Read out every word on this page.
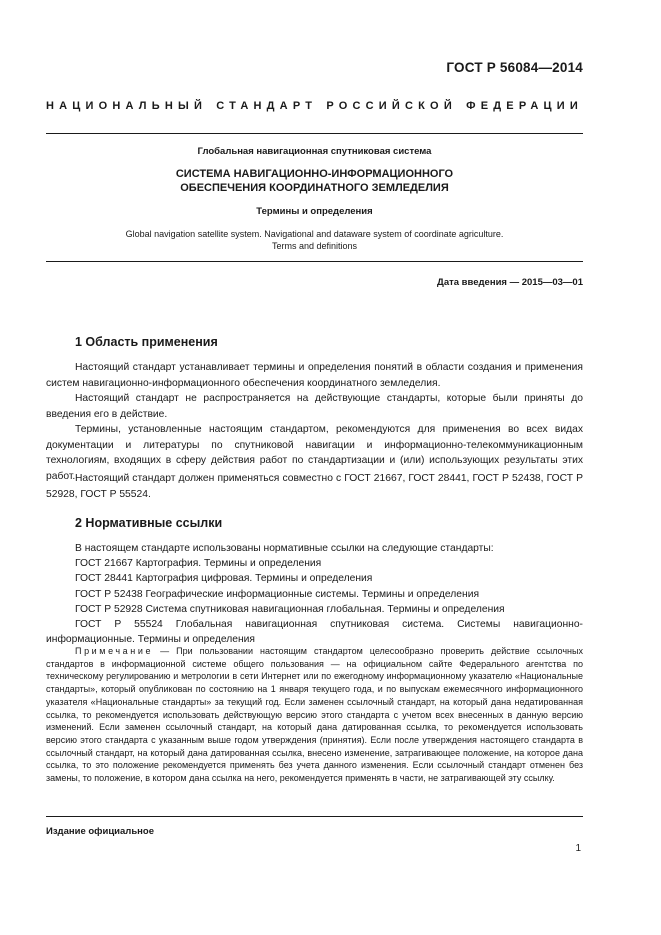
ГОСТ Р 56084—2014
НАЦИОНАЛЬНЫЙ СТАНДАРТ РОССИЙСКОЙ ФЕДЕРАЦИИ
Глобальная навигационная спутниковая система
СИСТЕМА НАВИГАЦИОННО-ИНФОРМАЦИОННОГО
ОБЕСПЕЧЕНИЯ КООРДИНАТНОГО ЗЕМЛЕДЕЛИЯ
Термины и определения
Global navigation satellite system. Navigational and dataware system of coordinate agriculture.
Terms and definitions
Дата введения — 2015—03—01
1 Область применения

Настоящий стандарт устанавливает термины и определения понятий в области создания и применения систем навигационно-информационного обеспечения координатного земледелия.

Настоящий стандарт не распространяется на действующие стандарты, которые были приняты до введения его в действие.

Термины, установленные настоящим стандартом, рекомендуются для применения во всех видах документации и литературы по спутниковой навигации и информационно-телекоммуникационным технологиям, входящих в сферу действия работ по стандартизации и (или) использующих результаты этих работ. Настоящий стандарт должен применяться совместно с ГОСТ 21667, ГОСТ 28441, ГОСТ Р 52438, ГОСТ Р 52928, ГОСТ Р 55524.

2 Нормативные ссылки

В настоящем стандарте использованы нормативные ссылки на следующие стандарты:

ГОСТ 21667 Картография. Термины и определения
ГОСТ 28441 Картография цифровая. Термины и определения
ГОСТ Р 52438 Географические информационные системы. Термины и определения
ГОСТ Р 52928 Система спутниковая навигационная глобальная. Термины и определения
ГОСТ Р 55524 Глобальная навигационная спутниковая система. Системы навигационно-информационные. Термины и определения

Примечание — При пользовании настоящим стандартом целесообразно проверить действие ссылочных стандартов в информационной системе общего пользования — на официальном сайте Федерального агентства по техническому регулированию и метрологии в сети Интернет или по ежегодному информационному указателю «Национальные стандарты», который опубликован по состоянию на 1 января текущего года, и по выпускам ежемесячного информационного указателя «Национальные стандарты» за текущий год. Если заменен ссылочный стандарт, на который дана недатированная ссылка, то рекомендуется использовать действующую версию этого стандарта с учетом всех внесенных в данную версию изменений. Если заменен ссылочный стандарт, на который дана датированная ссылка, то рекомендуется использовать версию этого стандарта с указанным выше годом утверждения (принятия). Если после утверждения настоящего стандарта в ссылочный стандарт, на который дана датированная ссылка, внесено изменение, затрагивающее положение, на которое дана ссылка, то это положение рекомендуется применять без учета данного изменения. Если ссылочный стандарт отменен без замены, то положение, в котором дана ссылка на него, рекомендуется применять в части, не затрагивающей эту ссылку.

Издание официальное
1
